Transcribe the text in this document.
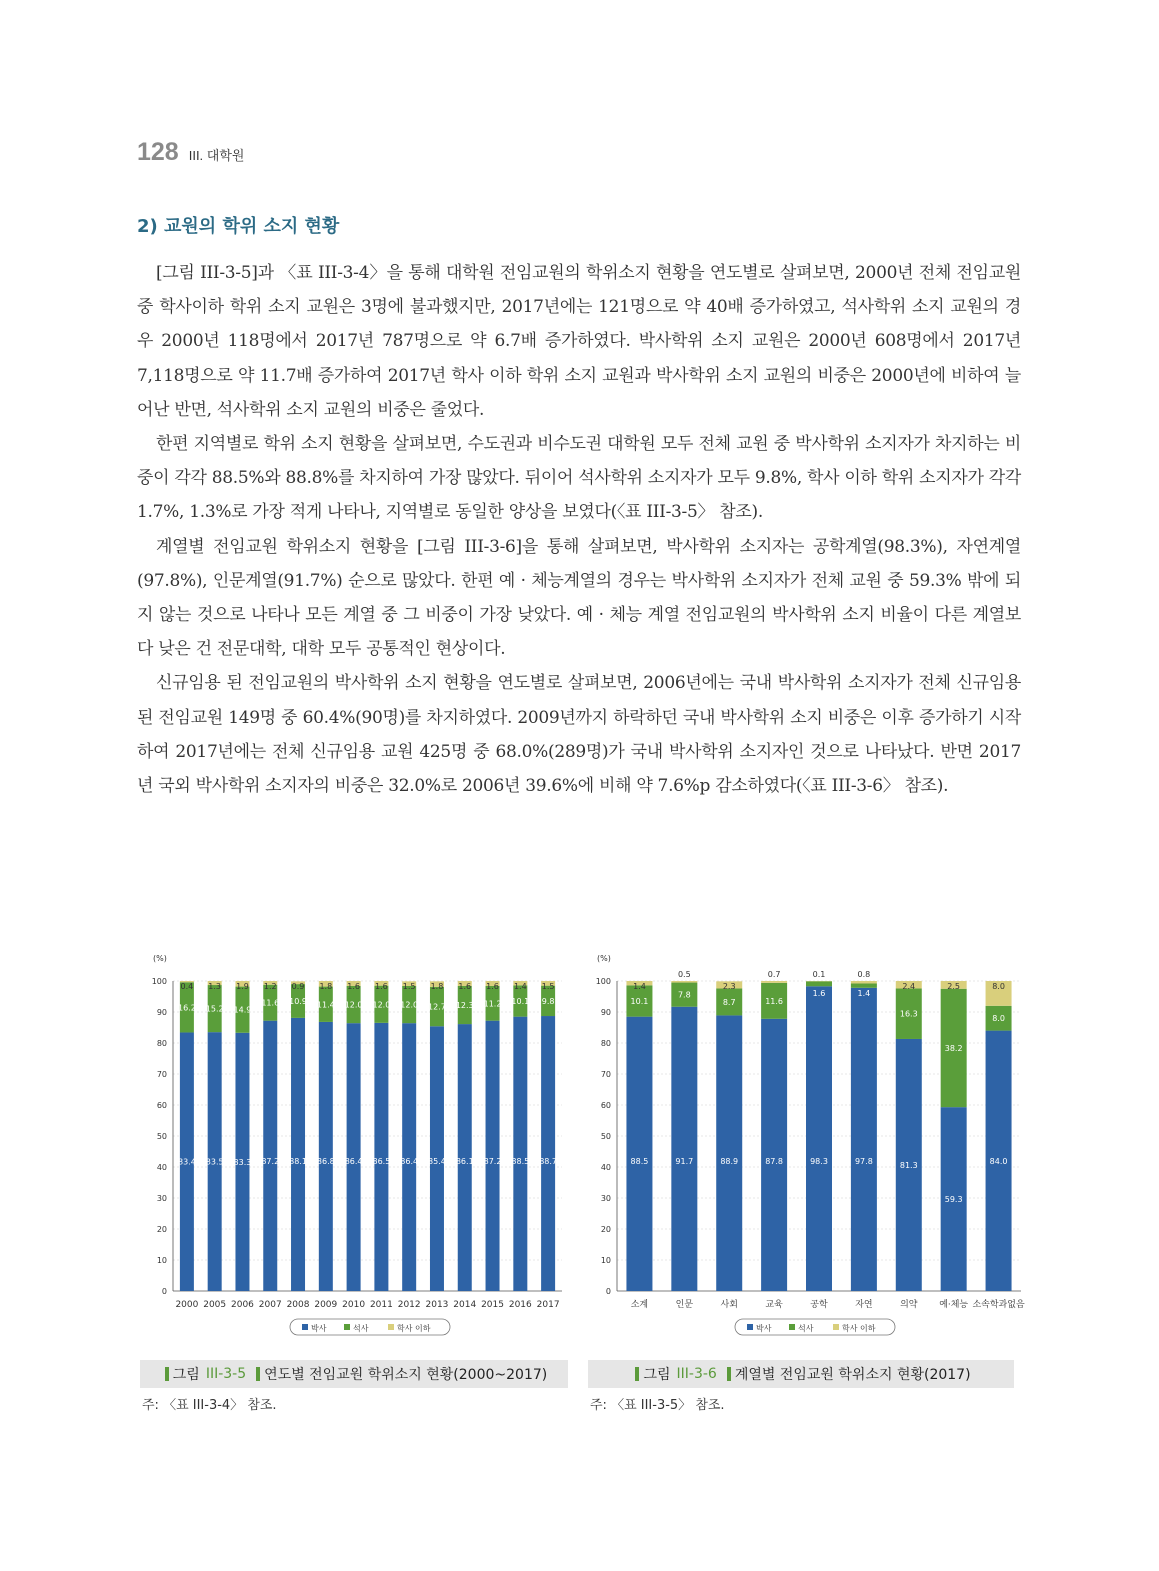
128 III. 대학원
2) 교원의 학위 소지 현황

[그림 III-3-5]과 〈표 III-3-4〉을 통해 대학원 전임교원의 학위소지 현황을 연도별로 살펴보면, 2000년 전체 전임교원 중 학사이하 학위 소지 교원은 3명에 불과했지만, 2017년에는 121명으로 약 40배 증가하였고, 석사학위 소지 교원의 경우 2000년 118명에서 2017년 787명으로 약 6.7배 증가하였다. 박사학위 소지 교원은 2000년 608명에서 2017년 7,118명으로 약 11.7배 증가하여 2017년 학사 이하 학위 소지 교원과 박사학위 소지 교원의 비중은 2000년에 비하여 늘어난 반면, 석사학위 소지 교원의 비중은 줄었다.

한편 지역별로 학위 소지 현황을 살펴보면, 수도권과 비수도권 대학원 모두 전체 교원 중 박사학위 소지자가 차지하는 비중이 각각 88.5%와 88.8%를 차지하여 가장 많았다. 뒤이어 석사학위 소지자가 모두 9.8%, 학사 이하 학위 소지자가 각각 1.7%, 1.3%로 가장 적게 나타나, 지역별로 동일한 양상을 보였다(〈표 III-3-5〉 참조).

계열별 전임교원 학위소지 현황을 [그림 III-3-6]을 통해 살펴보면, 박사학위 소지자는 공학계열(98.3%), 자연계열(97.8%), 인문계열(91.7%) 순으로 많았다. 한편 예 · 체능계열의 경우는 박사학위 소지자가 전체 교원 중 59.3% 밖에 되지 않는 것으로 나타나 모든 계열 중 그 비중이 가장 낮았다. 예 · 체능 계열 전임교원의 박사학위 소지 비율이 다른 계열보다 낮은 건 전문대학, 대학 모두 공통적인 현상이다.

신규임용 된 전임교원의 박사학위 소지 현황을 연도별로 살펴보면, 2006년에는 국내 박사학위 소지자가 전체 신규임용 된 전임교원 149명 중 60.4%(90명)를 차지하였다. 2009년까지 하락하던 국내 박사학위 소지 비중은 이후 증가하기 시작하여 2017년에는 전체 신규임용 교원 425명 중 68.0%(289명)가 국내 박사학위 소지자인 것으로 나타났다. 반면 2017년 국외 박사학위 소지자의 비중은 32.0%로 2006년 39.6%에 비해 약 7.6%p 감소하였다(〈표 III-3-6〉 참조).

(%)
0
10
20
30
40
50
60
70
80
90
100
83.4
16.2
0.4
2000
83.5
15.2
1.3
2005
83.3
14.9
1.9
2006
87.2
11.6
1.2
2007
88.1
10.9
0.9
2008
86.8
11.4
1.8
2009
86.4
12.0
1.6
2010
86.5
12.0
1.6
2011
86.4
12.0
1.5
2012
85.4
12.7
1.8
2013
86.1
12.3
1.6
2014
87.2
11.2
1.6
2015
88.5
10.1
1.4
2016
88.7
9.8
1.5
2017
박사	석사	학사 이하
(%)
0
10
20
30
40
50
60
70
80
90
100
88.5
10.1
1.4
소계
91.7
7.8
0.5
인문
88.9
8.7
2.3
사회
87.8
11.6
0.7
교육
98.3
1.6
0.1
공학
97.8
1.4
0.8
자연
81.3
16.3
2.4
의약
59.3
38.2
2.5
예·체능
84.0
8.0
8.0
소속학과없음
박사	석사	학사 이하
그림 III-3-5 연도별 전임교원 학위소지 현황(2000~2017)	그림 III-3-6 계열별 전임교원 학위소지 현황(2017)
주: 〈표 III-3-4〉 참조.	주: 〈표 III-3-5〉 참조.
